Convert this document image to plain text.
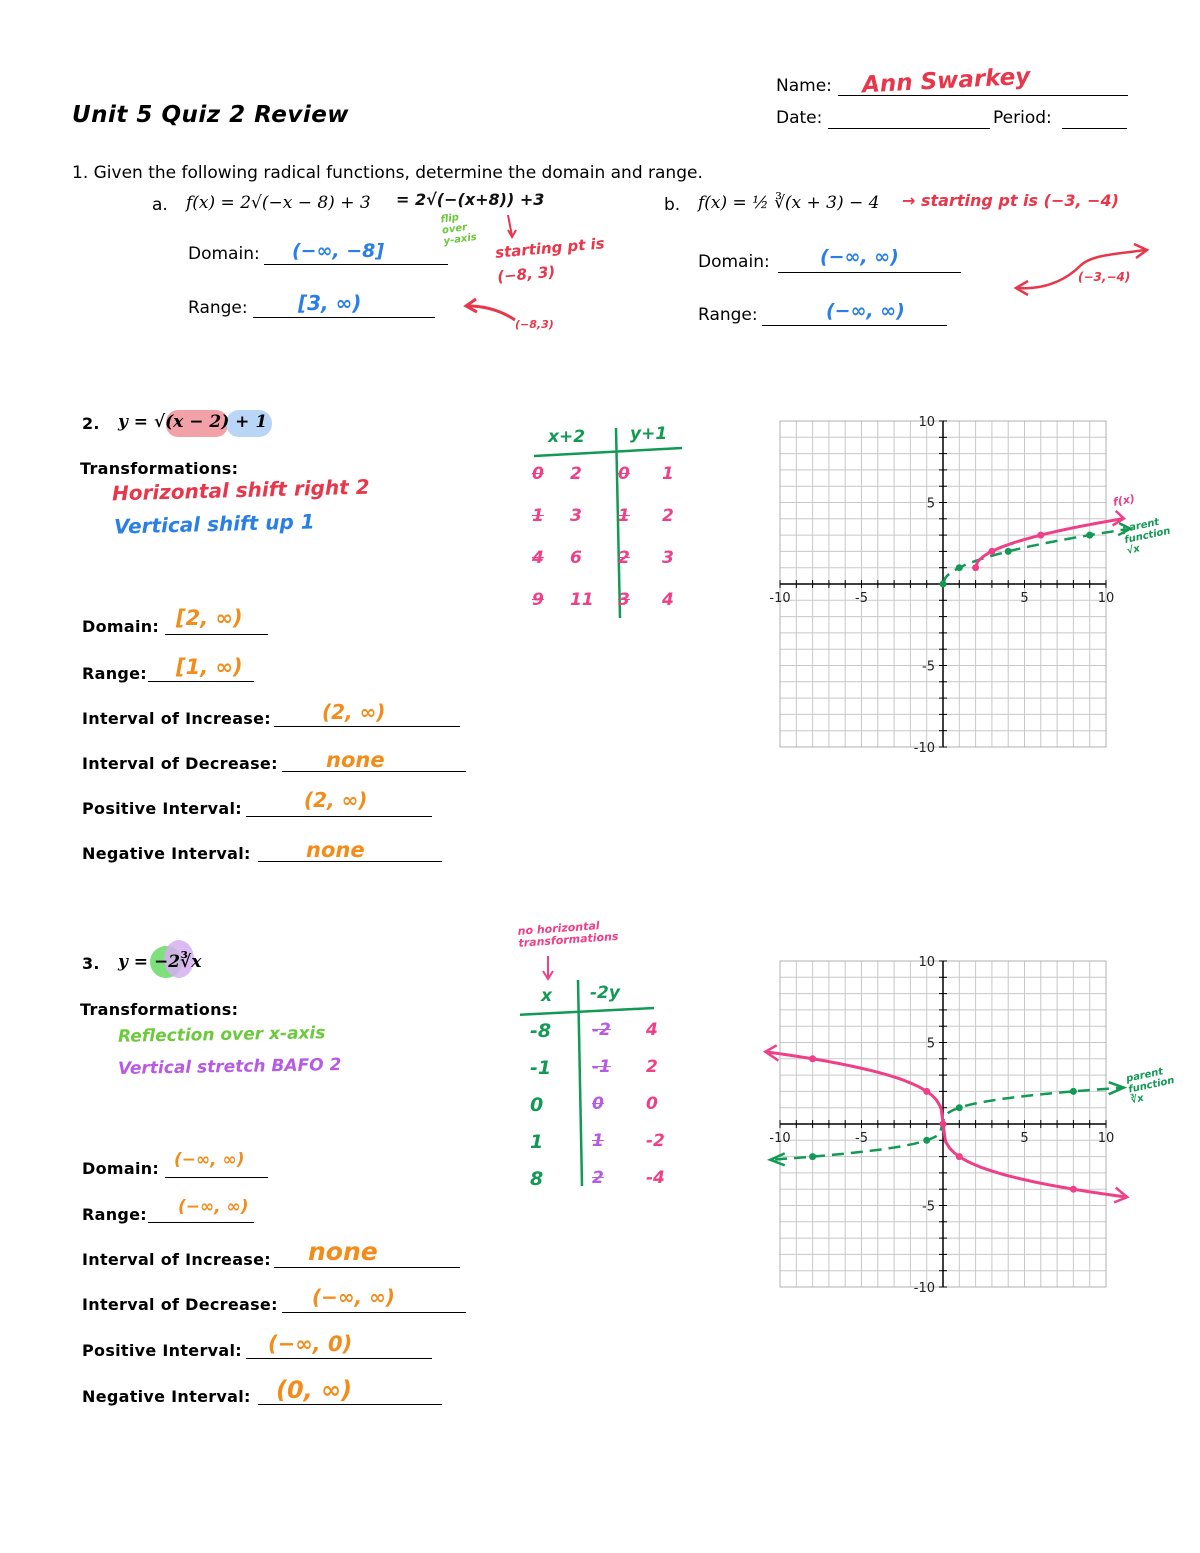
Name: Ann Swarkey
Unit 5 Quiz 2 Review	Date:	Period:
1. Given the following radical functions, determine the domain and range.
a. f(x) = 2√(−x − 8) + 3 = 2√(−(x+8)) +3
flip over y-axis starting pt is (−8, 3)
(−8,3)
Domain: (−∞, −8]
Range:	[3, ∞)
b. f(x) = ½ ∛(x + 3) − 4 → starting pt is (−3, −4)
(−3,−4)
Domain:	(−∞, ∞)
Range:	(−∞, ∞)
2. y = √(x − 2) + 1
Transformations:
Horizontal shift right 2
Vertical shift up 1
x+2	y+1
0 2 0 1
1 3 1 2
4 6 2 3
9 11 3 4
Domain: [2, ∞)
Range: [1, ∞)
Interval of Increase:	(2, ∞)
Interval of Decrease: none
Positive Interval:	(2, ∞)
Negative Interval:	none
10
5
-10	-5	5	10
-5
-10
f(x)
parent function √x
3. y = −2∛x
Transformations:
Reflection over x-axis
Vertical stretch BAFO 2
no horizontal transformations
x -2y
-8 -2 4
-1 -1 2
0	0 0
1	1 -2
8	2 -4
Domain: (−∞, ∞)
Range: (−∞, ∞)
Interval of Increase: none
Interval of Decrease: (−∞, ∞)
Positive Interval: (−∞, 0)
Negative Interval: (0, ∞)
10
5
-10	-5	5	10
-5
-10
parent function ∛x
